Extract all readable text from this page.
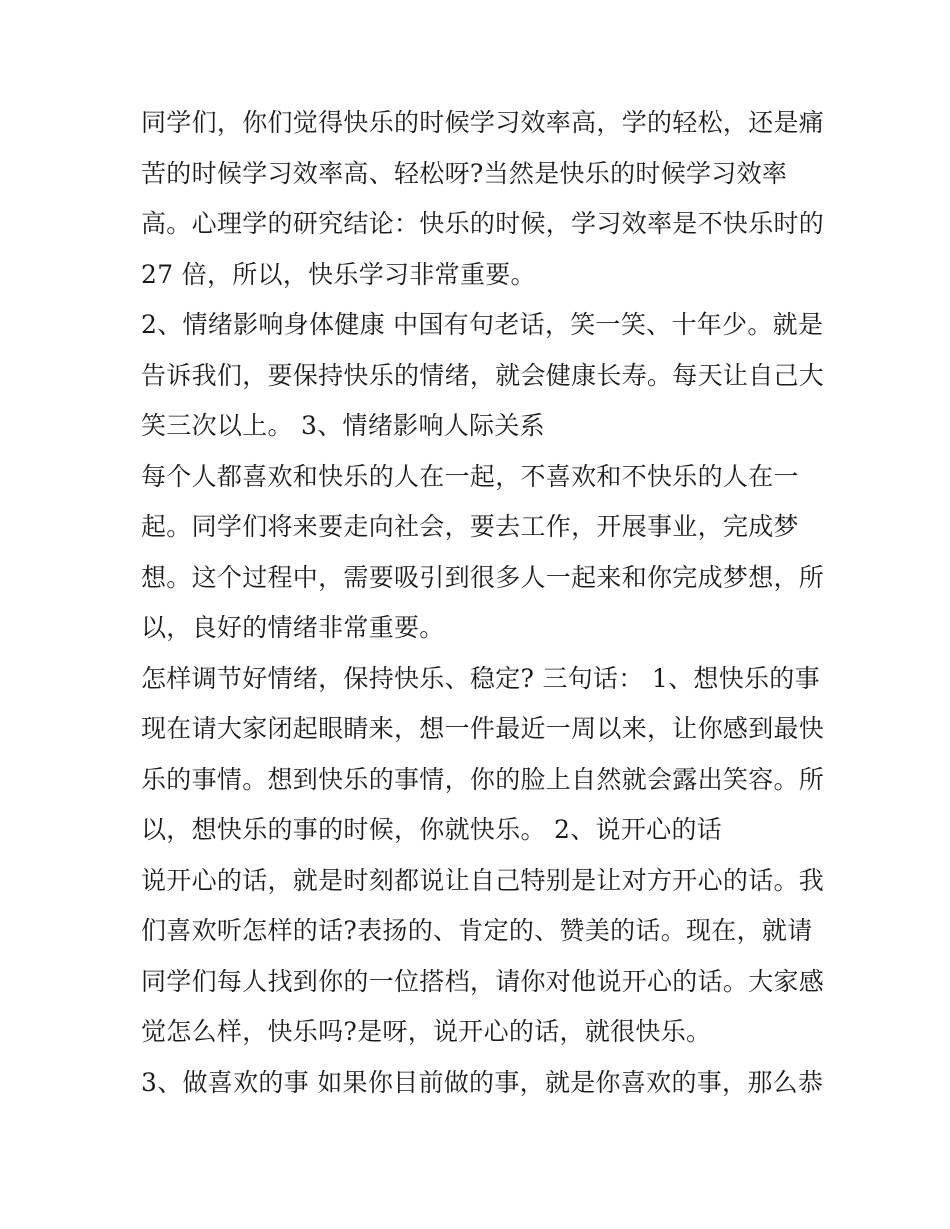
同学们，你们觉得快乐的时候学习效率高，学的轻松，还是痛
苦的时候学习效率高、轻松呀?当然是快乐的时候学习效率
高。心理学的研究结论：快乐的时候，学习效率是不快乐时的
27 倍，所以，快乐学习非常重要。
2、情绪影响身体健康 中国有句老话，笑一笑、十年少。就是
告诉我们，要保持快乐的情绪，就会健康长寿。每天让自己大
笑三次以上。 3、情绪影响人际关系
每个人都喜欢和快乐的人在一起，不喜欢和不快乐的人在一
起。同学们将来要走向社会，要去工作，开展事业，完成梦
想。这个过程中，需要吸引到很多人一起来和你完成梦想，所
以，良好的情绪非常重要。
怎样调节好情绪，保持快乐、稳定? 三句话： 1、想快乐的事
现在请大家闭起眼睛来，想一件最近一周以来，让你感到最快
乐的事情。想到快乐的事情，你的脸上自然就会露出笑容。所
以，想快乐的事的时候，你就快乐。 2、说开心的话
说开心的话，就是时刻都说让自己特别是让对方开心的话。我
们喜欢听怎样的话?表扬的、肯定的、赞美的话。现在，就请
同学们每人找到你的一位搭档，请你对他说开心的话。大家感
觉怎么样，快乐吗?是呀，说开心的话，就很快乐。
3、做喜欢的事 如果你目前做的事，就是你喜欢的事，那么恭
